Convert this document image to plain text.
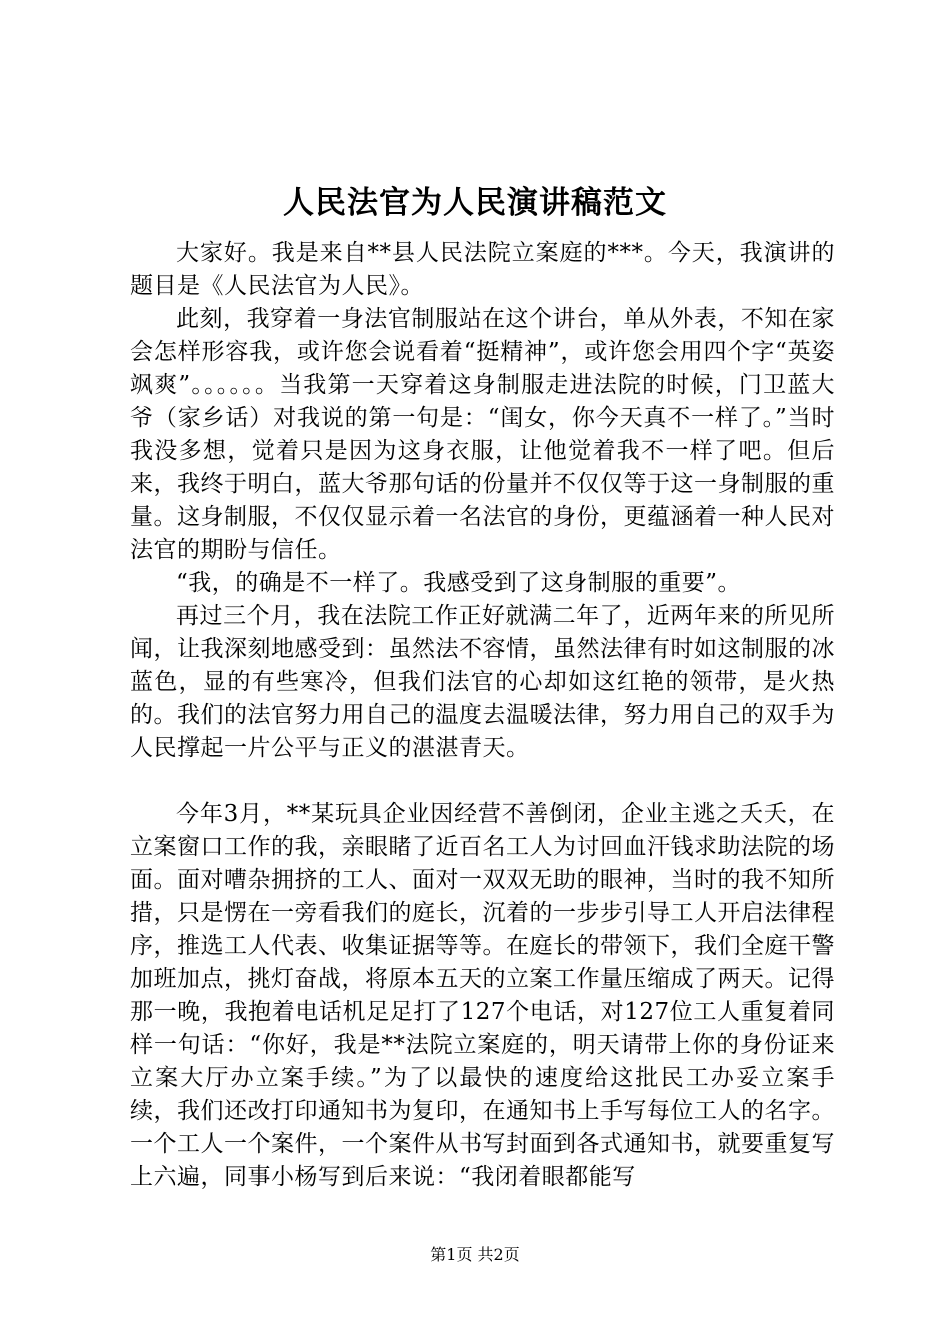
人民法官为人民演讲稿范文

大家好。我是来自**县人民法院立案庭的***。今天，我演讲的题目是《人民法官为人民》。

此刻，我穿着一身法官制服站在这个讲台，单从外表，不知在家会怎样形容我，或许您会说看着“挺精神”，或许您会用四个字“英姿飒爽”。。。。。。当我第一天穿着这身制服走进法院的时候，门卫蓝大爷（家乡话）对我说的第一句是：“闺女，你今天真不一样了。”当时我没多想，觉着只是因为这身衣服，让他觉着我不一样了吧。但后来，我终于明白，蓝大爷那句话的份量并不仅仅等于这一身制服的重量。这身制服，不仅仅显示着一名法官的身份，更蕴涵着一种人民对法官的期盼与信任。

“我，的确是不一样了。我感受到了这身制服的重要”。

再过三个月，我在法院工作正好就满二年了，近两年来的所见所闻，让我深刻地感受到：虽然法不容情，虽然法律有时如这制服的冰蓝色，显的有些寒冷，但我们法官的心却如这红艳的领带，是火热的。我们的法官努力用自己的温度去温暖法律，努力用自己的双手为人民撑起一片公平与正义的湛湛青天。

今年3月，**某玩具企业因经营不善倒闭，企业主逃之夭夭，在立案窗口工作的我，亲眼睹了近百名工人为讨回血汗钱求助法院的场面。面对嘈杂拥挤的工人、面对一双双无助的眼神，当时的我不知所措，只是愣在一旁看我们的庭长，沉着的一步步引导工人开启法律程序，推选工人代表、收集证据等等。在庭长的带领下，我们全庭干警加班加点，挑灯奋战，将原本五天的立案工作量压缩成了两天。记得那一晚，我抱着电话机足足打了127个电话，对127位工人重复着同样一句话：“你好，我是**法院立案庭的，明天请带上你的身份证来立案大厅办立案手续。”为了以最快的速度给这批民工办妥立案手续，我们还改打印通知书为复印，在通知书上手写每位工人的名字。一个工人一个案件，一个案件从书写封面到各式通知书，就要重复写上六遍，同事小杨写到后来说：“我闭着眼都能写

第1页 共2页
